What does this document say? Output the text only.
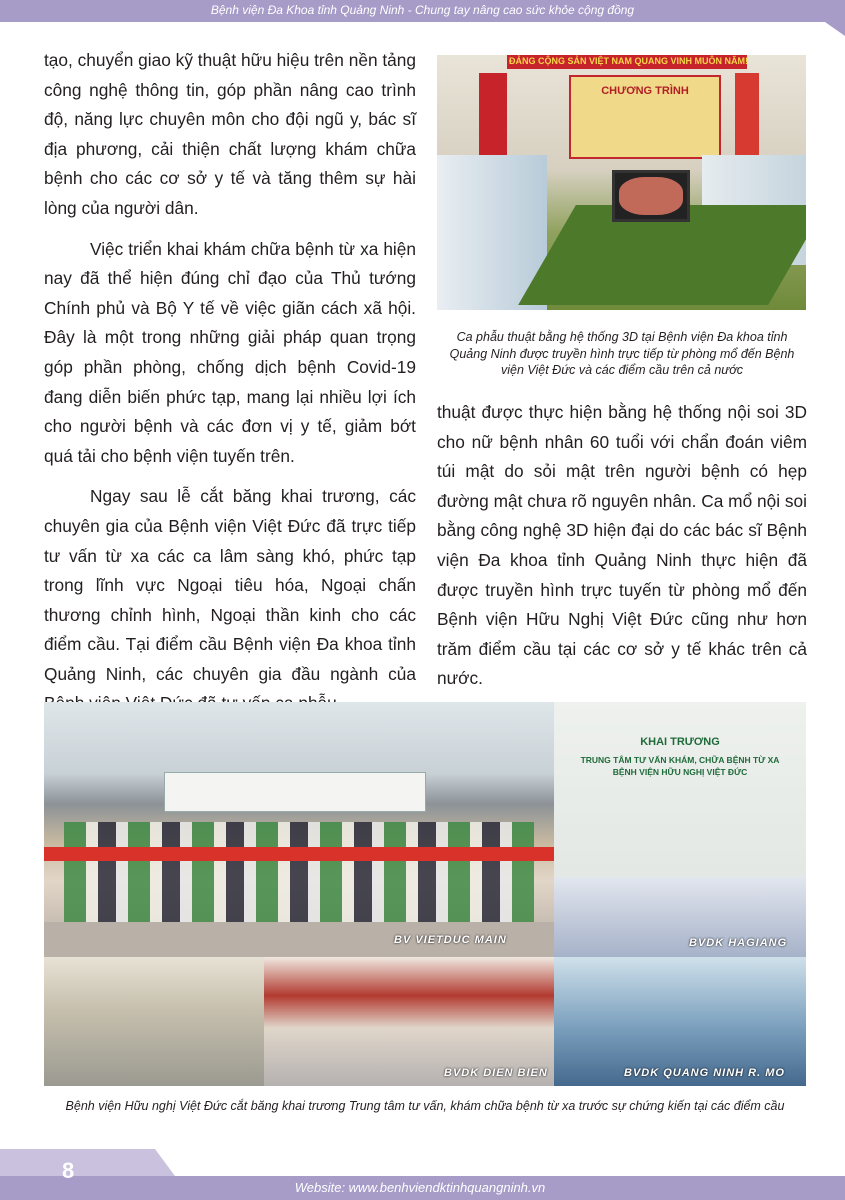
Bệnh viện Đa Khoa tỉnh Quảng Ninh - Chung tay nâng cao sức khỏe cộng đồng

tạo, chuyển giao kỹ thuật hữu hiệu trên nền tảng công nghệ thông tin, góp phần nâng cao trình độ, năng lực chuyên môn cho đội ngũ y, bác sĩ địa phương, cải thiện chất lượng khám chữa bệnh cho các cơ sở y tế và tăng thêm sự hài lòng của người dân.

Việc triển khai khám chữa bệnh từ xa hiện nay đã thể hiện đúng chỉ đạo của Thủ tướng Chính phủ và Bộ Y tế về việc giãn cách xã hội. Đây là một trong những giải pháp quan trọng góp phần phòng, chống dịch bệnh Covid-19 đang diễn biến phức tạp, mang lại nhiều lợi ích cho người bệnh và các đơn vị y tế, giảm bớt quá tải cho bệnh viện tuyến trên.

Ngay sau lễ cắt băng khai trương, các chuyên gia của Bệnh viện Việt Đức đã trực tiếp tư vấn từ xa các ca lâm sàng khó, phức tạp trong lĩnh vực Ngoại tiêu hóa, Ngoại chấn thương chỉnh hình, Ngoại thần kinh cho các điểm cầu. Tại điểm cầu Bệnh viện Đa khoa tỉnh Quảng Ninh, các chuyên gia đầu ngành của

ĐẢNG CỘNG SẢN VIỆT NAM QUANG VINH MUÔN NĂM!
CHƯƠNG TRÌNH
Ca phẫu thuật bằng hệ thống 3D tại Bệnh viện Đa khoa tỉnh Quảng Ninh được truyền hình trực tiếp từ phòng mổ đến Bệnh viện Việt Đức và các điểm cầu trên cả nước

thuật được thực hiện bằng hệ thống nội soi 3D cho nữ bệnh nhân 60 tuổi với chẩn đoán viêm túi mật do sỏi mật trên người bệnh có hẹp đường mật chưa rõ nguyên nhân. Ca mổ nội soi bằng công nghệ 3D hiện đại do các bác sĩ Bệnh viện Đa khoa tỉnh Quảng Ninh thực hiện đã được truyền hình trực tuyến từ phòng mổ đến Bệnh viện Hữu Nghị Việt Đức cũng như hơn trăm điểm cầu tại các cơ sở y tế khác trên cả nước.

BV VIETDUC MAIN
KHAI TRƯƠNG
TRUNG TÂM TƯ VẤN KHÁM, CHỮA BỆNH TỪ XA
BỆNH VIỆN HỮU NGHỊ VIỆT ĐỨC
BVDK HAGIANG
BVDK DIEN BIEN	BVDK QUANG NINH R. MO
Bệnh viện Hữu nghị Việt Đức cắt băng khai trương Trung tâm tư vấn, khám chữa bệnh từ xa trước sự chứng kiến tại các điểm cầu
8
Website: www.benhviendktinhquangninh.vn
